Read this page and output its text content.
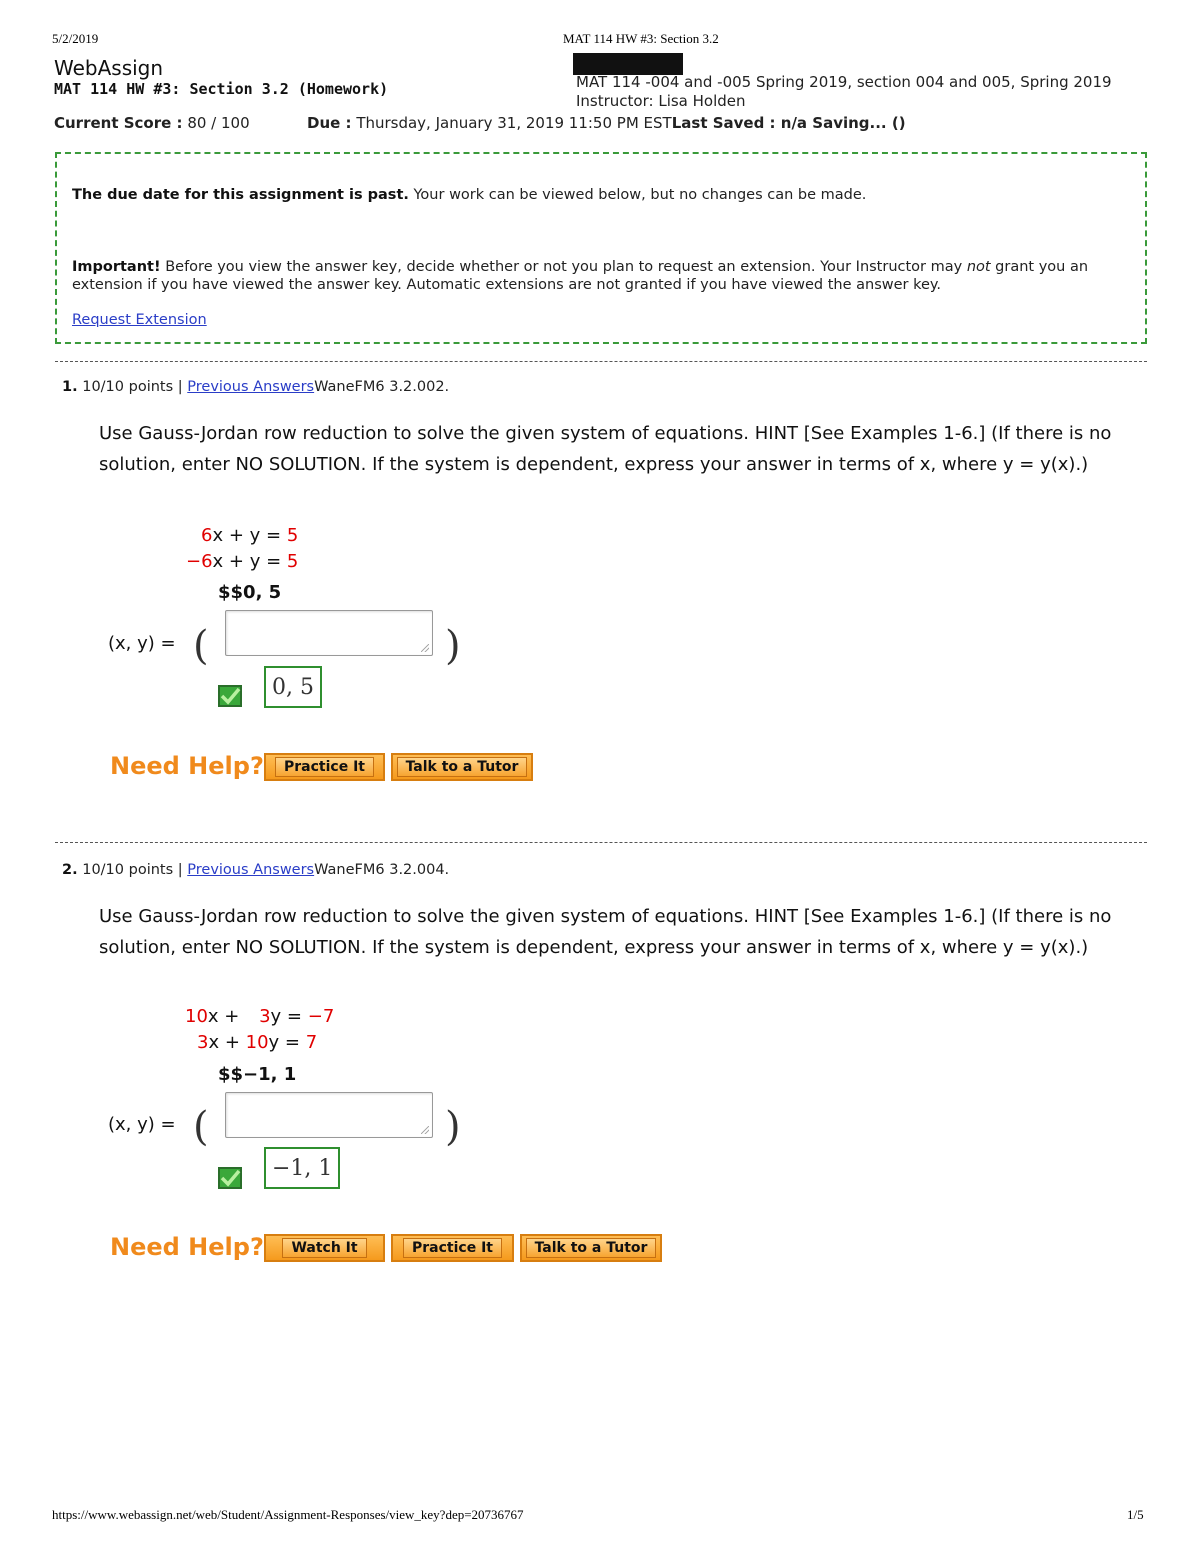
5/2/2019	MAT 114 HW #3: Section 3.2
WebAssign
MAT 114 HW #3: Section 3.2 (Homework)	MAT 114 -004 and -005 Spring 2019, section 004 and 005, Spring 2019
Instructor: Lisa Holden
Current Score : 80 / 100	Due : Thursday, January 31, 2019 11:50 PM ESTLast Saved : n/a Saving... ()

The due date for this assignment is past. Your work can be viewed below, but no changes can be made.

Important! Before you view the answer key, decide whether or not you plan to request an extension. Your Instructor may not grant you an extension if you have viewed the answer key. Automatic extensions are not granted if you have viewed the answer key.

Request Extension

1. 10/10 points | Previous AnswersWaneFM6 3.2.002.
Use Gauss-Jordan row reduction to solve the given system of equations. HINT [See Examples 1-6.] (If there is no solution, enter NO SOLUTION. If the system is dependent, express your answer in terms of x, where y = y(x).)
6x + y = 5
−6x + y = 5
$$0, 5
(x, y) = (	)
0, 5
Need Help?	Practice It	Talk to a Tutor
2. 10/10 points | Previous AnswersWaneFM6 3.2.004.
Use Gauss-Jordan row reduction to solve the given system of equations. HINT [See Examples 1-6.] (If there is no solution, enter NO SOLUTION. If the system is dependent, express your answer in terms of x, where y = y(x).)
10x + 3y = −7
3x + 10y = 7
$$−1, 1
(x, y) = (	)
−1, 1
Need Help?	Watch It	Practice It	Talk to a Tutor
https://www.webassign.net/web/Student/Assignment-Responses/view_key?dep=20736767	1/5
